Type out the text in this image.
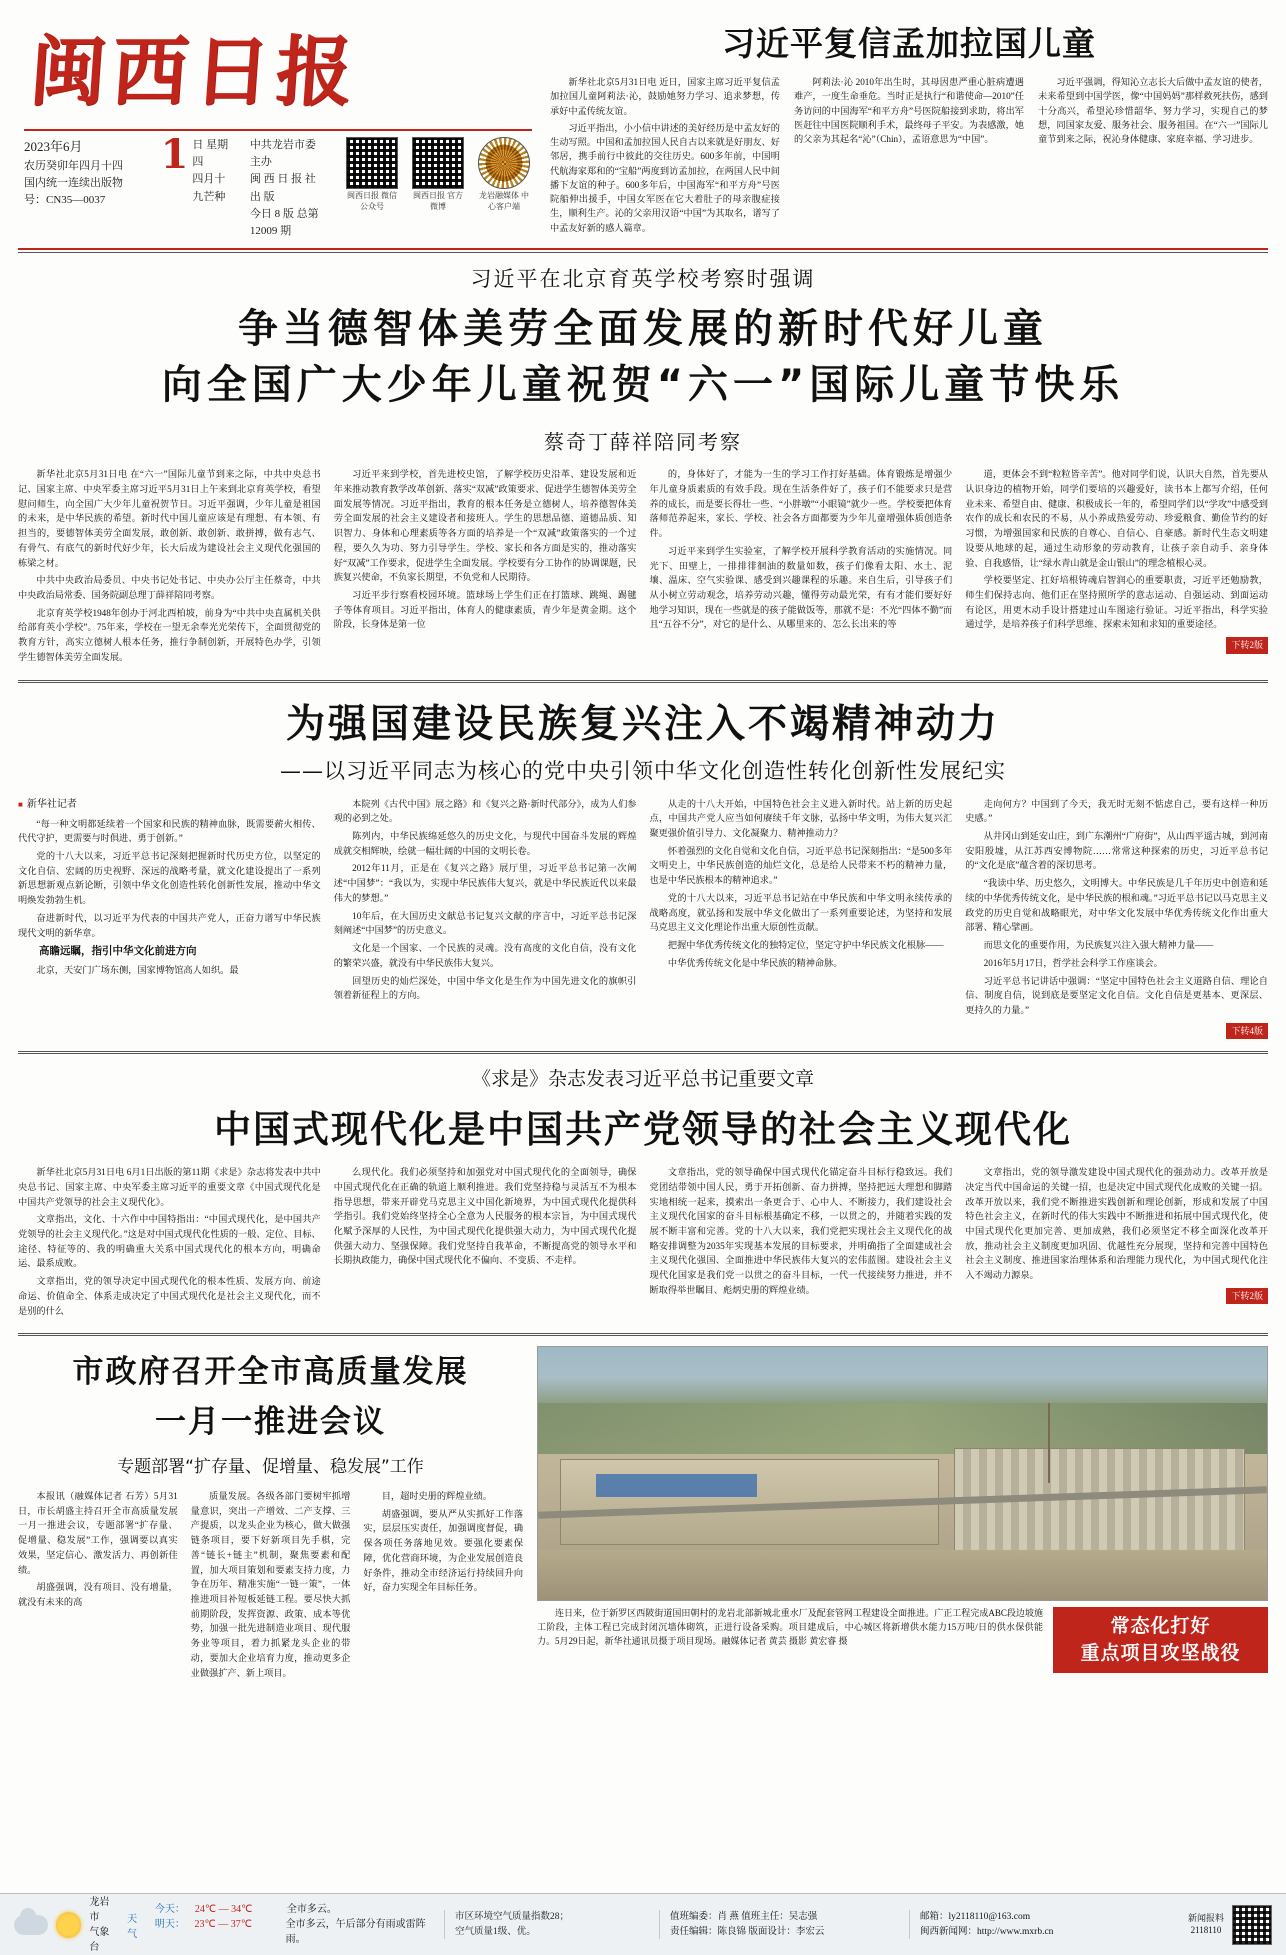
闽西日报
2023年6月
农历癸卯年四月十四
国内统一连续出版物号：CN35—0037
1 日 星期四
四月十九芒种
中共龙岩市委主办
闽 西 日 报 社 出 版
今日 8 版 总第 12009 期
闽西日报 微信公众号
闽西日报 官方微博
龙岩融媒体 中心客户端
习近平复信孟加拉国儿童

新华社北京5月31日电 近日，国家主席习近平复信孟加拉国儿童阿莉法·沁，鼓励她努力学习、追求梦想，传承好中孟传统友谊。

习近平指出，小小信中讲述的美好经历是中孟友好的生动写照。中国和孟加拉国人民自古以来就是好朋友、好邻居，携手前行中彼此的交往历史。600多年前，中国明代航海家郑和的“宝船”两度到访孟加拉，在两国人民中间播下友谊的种子。600多年后，中国海军“和平方舟”号医院船伸出援手，中国女军医在它大着肚子的母亲腹症接生，顺利生产。沁的父亲用汉语“中国”为其取名，谱写了中孟友好新的感人篇章。

阿莉法·沁 2010年出生时，其母因患严重心脏病遭遇难产，一度生命垂危。当时正是执行“和谐使命—2010”任务访问的中国海军“和平方舟”号医院船接到求助，将出军医赶往中国医院顺利手术，最终母子平安。为表感激，她的父亲为其起名“沁”（Chin），孟语意思为“中国”。

习近平强调，得知沁立志长大后做中孟友谊的使者，未来希望到中国学医，像“中国妈妈”那样救死扶伤，感到十分高兴，希望沁珍惜韶华、努力学习，实现自己的梦想，同国家友爱、服务社会、服务祖国。在“六一”国际儿童节到来之际，祝沁身体健康、家庭幸福、学习进步。

习近平在北京育英学校考察时强调
争当德智体美劳全面发展的新时代好儿童
向全国广大少年儿童祝贺“六一”国际儿童节快乐
蔡奇丁薛祥陪同考察

新华社北京5月31日电 在“六一”国际儿童节到来之际，中共中央总书记、国家主席、中央军委主席习近平5月31日上午来到北京育英学校，看望慰问师生，向全国广大少年儿童祝贺节日。习近平强调，少年儿童是祖国的未来，是中华民族的希望。新时代中国儿童应该是有理想、有本领、有担当的，要德智体美劳全面发展，敢创新、敢创新、敢拼搏，做有志气、有骨气、有底气的新时代好少年，长大后成为建设社会主义现代化强国的栋梁之材。

中共中央政治局委员、中央书记处书记、中央办公厅主任蔡奇，中共中央政治局常委、国务院副总理丁薛祥陪同考察。

北京育英学校1948年创办于河北西柏坡，前身为“中共中央直属机关供给部育英小学校”。75年来，学校在一望无余奉光光荣传下，全面贯彻党的教育方针，高实立德树人根本任务，推行争制创新，开展特色办学，引领学生德智体美劳全面发展。

习近平来到学校，首先进校史馆，了解学校历史沿革、建设发展和近年来推动教育教学改革创新、落实“双减”政策要求、促进学生德智体美劳全面发展等情况。习近平指出，教育的根本任务是立德树人，培养德智体美劳全面发展的社会主义建设者和接班人。学生的思想品德、道德品质、知识智力、身体和心理素质等各方面的培养是一个“双减”政策落实的一个过程，要久久为功、努力引导学生。学校、家长和各方面是实的，推动落实好“双减”工作要求，促进学生全面发展。学校要有分工协作的协调课题，民族复兴使命，不负家长期望，不负党和人民期待。

习近平步行察看校园环境。篮球场上学生们正在打篮球、跳绳、踢毽子等体育项目。习近平指出，体育人的健康素质，青少年是黄金期。这个阶段，长身体是第一位

的，身体好了，才能为一生的学习工作打好基础。体育锻炼是增强少年儿童身质素质的有效手段。现在生活条件好了，孩子们不能要求只是营养的成长，而是要长得壮一些、“小胖墩”“小眼镜”就少一些。学校要把体育落师范养起来，家长、学校、社会各方面都要为少年儿童增强体质创造条件。

习近平来到学生实验室，了解学校开展科学教育活动的实施情况。同光下、田壁上，一排排徘徊油的数量如数，孩子们像看太阳、水土、泥壤、温床、空气实验课、感受到兴趣课程的乐趣。来自生后，引导孩子们从小树立劳动观念，培养劳动兴趣，懂得劳动最光荣，有有才能们要好好地学习知识，现在一些就是的孩子能做饭等，那就不是：不光“四体不勤”而且“五谷不分”，对它的是什么、从哪里来的、怎么长出来的等

道，更体会不到“粒粒皆辛苦”。他对同学们说，认识大自然，首先要从认识身边的植物开始，同学们要培的兴趣爱好，读书本上都写介绍，任何业未来、希望自由、健康、积极成长一年的，希望同学们以“学攻”中感受到农作的成长和农民的不易，从小养成热爱劳动、珍爱粮食、勤俭节约的好习惯，为增强国家和民族的自尊心、自信心、自豪感。新时代生态文明建设要从地球的起，通过生动形象的劳动教育，让孩子亲自动手、亲身体验、自我感悟，让“绿水青山就是金山银山”的理念植根心灵。

学校要坚定、扛好培根铸魂启智润心的重要职责，习近平还勉励教，师生们保持志向、他们正在坚持照所学的意志运动、自强运动、到面运动有论区，用更木动手设计搭建过山车图途行验证。习近平指出，科学实验通过学，是培养孩子们科学思维、探索未知和求知的重要途径。

下转2版
为强国建设民族复兴注入不竭精神动力
——以习近平同志为核心的党中央引领中华文化创造性转化创新性发展纪实
■ 新华社记者

“每一种文明都延续着一个国家和民族的精神血脉，既需要薪火相传、代代守护，更需要与时俱进、勇于创新。”

党的十八大以来，习近平总书记深刻把握新时代历史方位，以坚定的文化自信、宏阔的历史视野、深远的战略考量，就文化建设提出了一系列新思想新观点新论断，引领中华文化创造性转化创新性发展，推动中华文明焕发勃勃生机。

奋进新时代，以习近平为代表的中国共产党人，正奋力谱写中华民族现代文明的新华章。

高瞻远瞩，指引中华文化前进方向

北京，天安门广场东侧，国家博物馆高人如织。最

本院列《古代中国》展之路》和《复兴之路·新时代部分》，成为人们参观的必到之处。

陈列内，中华民族绵延悠久的历史文化，与现代中国奋斗发展的辉煌成就交相辉映，绘就一幅壮阔的中国的文明长卷。

2012年11月，正是在《复兴之路》展厅里，习近平总书记第一次阐述“中国梦”：“我以为，实现中华民族伟大复兴，就是中华民族近代以来最伟大的梦想。”

10年后，在大国历史文献总书记复兴文献的序言中，习近平总书记深刻阐述“中国梦”的历史意义。

文化是一个国家、一个民族的灵魂。没有高度的文化自信，没有文化的繁荣兴盛，就没有中华民族伟大复兴。

回望历史的灿烂深处，中国中华文化是生作为中国先进文化的旗帜引领着新征程上的方向。

从走的十八大开始，中国特色社会主义进入新时代。站上新的历史起点，中国共产党人应当如何赓续千年文脉，弘扬中华文明，为伟大复兴汇聚更强价值引导力、文化凝聚力、精神推动力？

怀着强烈的文化自觉和文化自信，习近平总书记深刻指出：“是500多年文明史上，中华民族创造的灿烂文化，总是给人民带来不朽的精神力量，也是中华民族根本的精神追求。”

党的十八大以来，习近平总书记站在中华民族和中华文明永续传承的战略高度，就弘扬和发展中华文化做出了一系列重要论述，为坚持和发展马克思主义文化理论作出重大原创性贡献。

把握中华优秀传统文化的独特定位，坚定守护中华民族文化根脉——

中华优秀传统文化是中华民族的精神命脉。

走向何方？中国到了今天，我无时无刻不惦虑自己，要有这样一种历史感。”

从井冈山到延安山庄，到广东潮州“广府街”，从山西平遥古城，到河南安阳殷墟，从江苏西安博物院……常常这种探索的历史，习近平总书记的“文化是底”蕴含着的深切思考。

“我读中华、历史悠久，文明博大。中华民族是几千年历史中创造和延续的中华优秀传统文化，是中华民族的根和魂。”习近平总书记以马克思主义政党的历史自觉和战略眼光，对中华文化发展中华优秀传统文化作出重大部署、精心擘画。

而思文化的重要作用，为民族复兴注入强大精神力量——

2016年5月17日，哲学社会科学工作座谈会。

习近平总书记讲话中强调：“坚定中国特色社会主义道路自信、理论自信、制度自信，说到底是要坚定文化自信。文化自信是更基本、更深层、更持久的力量。”

下转4版
《求是》杂志发表习近平总书记重要文章
中国式现代化是中国共产党领导的社会主义现代化

新华社北京5月31日电 6月1日出版的第11期《求是》杂志将发表中共中央总书记、国家主席、中央军委主席习近平的重要文章《中国式现代化是中国共产党领导的社会主义现代化》。

文章指出，文化、十六作中中国特指出：“中国式现代化，是中国共产党领导的社会主义现代化。”这是对中国式现代化性质的一般、定位、目标、途径、特征等的、我的明确重大关系中国式现代化的根本方向，明确命运、最系成败。

文章指出，党的领导决定中国式现代化的根本性质、发展方向、前途命运、价值命全、体系走成决定了中国式现代化是社会主义现代化，而不是别的什么

么现代化。我们必须坚持和加强党对中国式现代化的全面领导，确保中国式现代化在正确的轨道上顺利推进。我们党坚持稳与灵活互不为根本指导思想，带来开辟党马克思主义中国化新境界，为中国式现代化提供科学指引。我们党始终坚持全心全意为人民服务的根本宗旨，为中国式现代化赋予深厚的人民性，为中国式现代化提供强大动力，为中国式现代化提供强大动力、坚强保障。我们党坚持自我革命，不断提高党的领导水平和长期执政能力，确保中国式现代化不偏向、不变质、不走样。

文章指出，党的领导确保中国式现代化锚定奋斗目标行稳致远。我们党团结带领中国人民，勇于开拓创新、奋力拼搏，坚持把远大理想和脚踏实地相统一起来，摸索出一条更合于、心中人、不断接力，我们建设社会主义现代化国家的奋斗目标根基确定不移，一以贯之的，并随着实践的发展不断丰富和完善。党的十八大以来，我们党把实现社会主义现代化的战略安排调整为2035年实现基本发展的目标要求，并明确指了全面建成社会主义现代化强国、全面推进中华民族伟大复兴的宏伟蓝图。建设社会主义现代化国家是我们党一以贯之的奋斗目标，一代一代接续努力推进，并不断取得举世瞩目、彪炳史册的辉煌业绩。

文章指出，党的领导激发建设中国式现代化的强劲动力。改革开放是决定当代中国命运的关键一招，也是决定中国式现代化成败的关键一招。改革开放以来，我们党不断推进实践创新和理论创新，形成和发展了中国特色社会主义，在新时代的伟大实践中不断推进和拓展中国式现代化，使中国式现代化更加完善、更加成熟，我们必须坚定不移全面深化改革开放，推动社会主义制度更加巩固、优越性充分展现，坚持和完善中国特色社会主义制度、推进国家治理体系和治理能力现代化，为中国式现代化注入不竭动力源泉。

下转2版
市政府召开全市高质量发展
一月一推进会议
专题部署“扩存量、促增量、稳发展”工作

本报讯（融媒体记者 石芳）5月31日，市长胡盛主持召开全市高质量发展一月一推进会议，专题部署“扩存量、促增量、稳发展”工作，强调要以真实效果，坚定信心、激发活力、再创新佳绩。

胡盛强调，没有项目、没有增量，就没有未来的高

质量发展。各级各部门要树牢抓增量意识，突出一产增效、二产支撑、三产提质，以龙头企业为核心，做大做强链条项目，要下好新项目先手棋，完善“链长+链主”机制，聚焦要素和配置，加大项目策划和要素支持力度，力争在历年、精准实施“一链一策”，一体推进项目补短板延链工程。要尽快大抓前期阶段，发挥资源、政策、成本等优势，加强一批先进制造业项目、现代服务业等项目，着力抓紧龙头企业的带动，要加大企业培育力度，推动更多企业做强扩产、新上项目。

目，超时史册的辉煌业绩。

胡盛强调，要从严从实抓好工作落实，层层压实责任，加强调度督促，确保各项任务落地见效。要强化要素保障，优化营商环境，为企业发展创造良好条件，推动全市经济运行持续回升向好，奋力实现全年目标任务。

连日来，位于新罗区西陂街道国田朝村的龙岩北部新城北重水厂及配套管网工程建设全面推进。广正工程完成ABC段边坡施工阶段，主体工程已完成封闭沉墙体砌筑，正进行设备采购。项目建成后，中心城区将新增供水能力15万吨/日的供水保供能力。5月29日起，新华社通讯员摄于项目现场。融媒体记者 黄芸 摄影 黄宏睿 摄

常态化打好
重点项目攻坚战役
龙岩市
气象台
天气
今天：	24℃ — 34℃	全市多云。
明天： 23℃ — 37℃	全市多云，午后部分有雨或雷阵雨。
市区环境空气质量指数28；
空气质量1级、优。
值班编委：肖 燕 值班主任：吴志强
责任编辑：陈良锦 版面设计：李宏云
邮箱：ly2118110@163.com
闽西新闻网：http://www.mxrb.cn
新闻报料
2118110
